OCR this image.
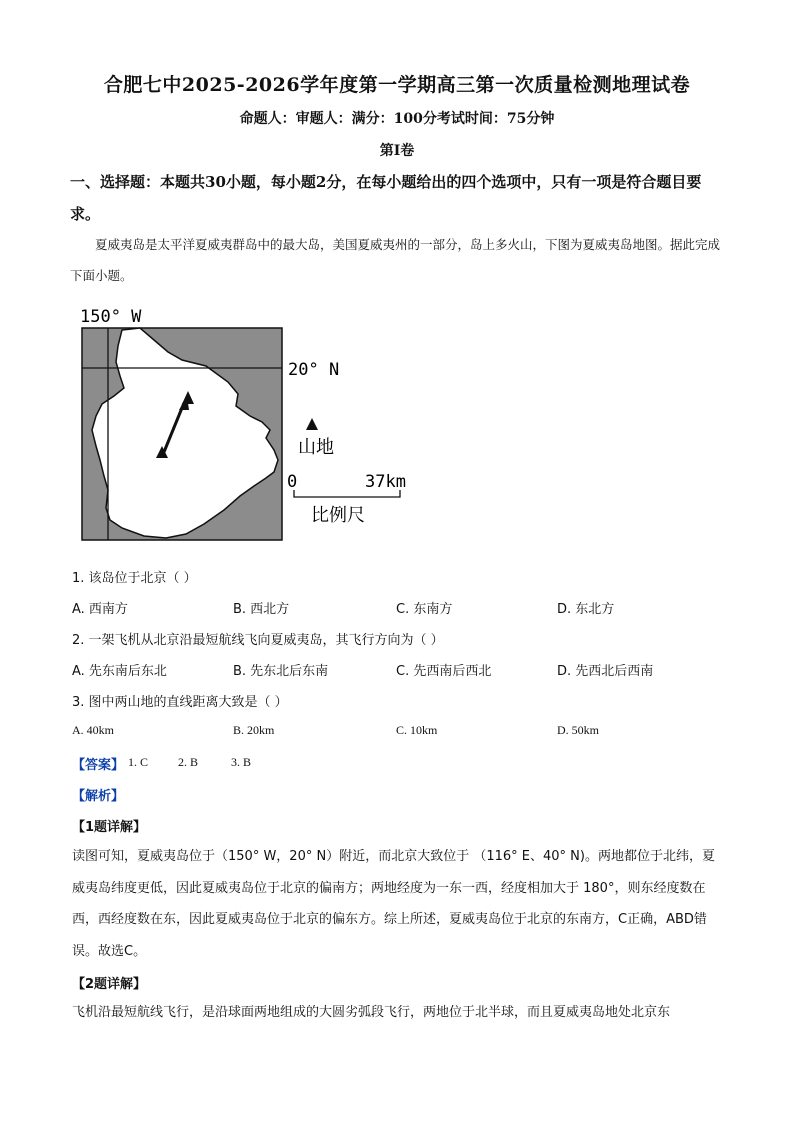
合肥七中2025-2026学年度第一学期高三第一次质量检测地理试卷
命题人：审题人：满分：100分考试时间：75分钟
第Ⅰ卷
一、选择题：本题共30小题，每小题2分，在每小题给出的四个选项中，只有一项是符合题目要求。
夏威夷岛是太平洋夏威夷群岛中的最大岛，美国夏威夷州的一部分，岛上多火山，下图为夏威夷岛地图。据此完成下面小题。
150° W
20° N
山地
0	37km
比例尺
1. 该岛位于北京（ ）
A. 西南方	B. 西北方	C. 东南方	D. 东北方
2. 一架飞机从北京沿最短航线飞向夏威夷岛，其飞行方向为（ ）
A. 先东南后东北	B. 先东北后东南	C. 先西南后西北	D. 先西北后西南
3. 图中两山地的直线距离大致是（ ）
A. 40km	B. 20km	C. 10km	D. 50km
【答案】 1. C 2. B	3. B
【解析】
【1题详解】
读图可知，夏威夷岛位于（150° W，20° N）附近，而北京大致位于 （116° E、40° N)。两地都位于北纬，夏威夷岛纬度更低，因此夏威夷岛位于北京的偏南方；两地经度为一东一西，经度相加大于 180°，则东经度数在西，西经度数在东，因此夏威夷岛位于北京的偏东方。综上所述，夏威夷岛位于北京的东南方，C正确，ABD错误。故选C。
【2题详解】
飞机沿最短航线飞行，是沿球面两地组成的大圆劣弧段飞行，两地位于北半球，而且夏威夷岛地处北京东
